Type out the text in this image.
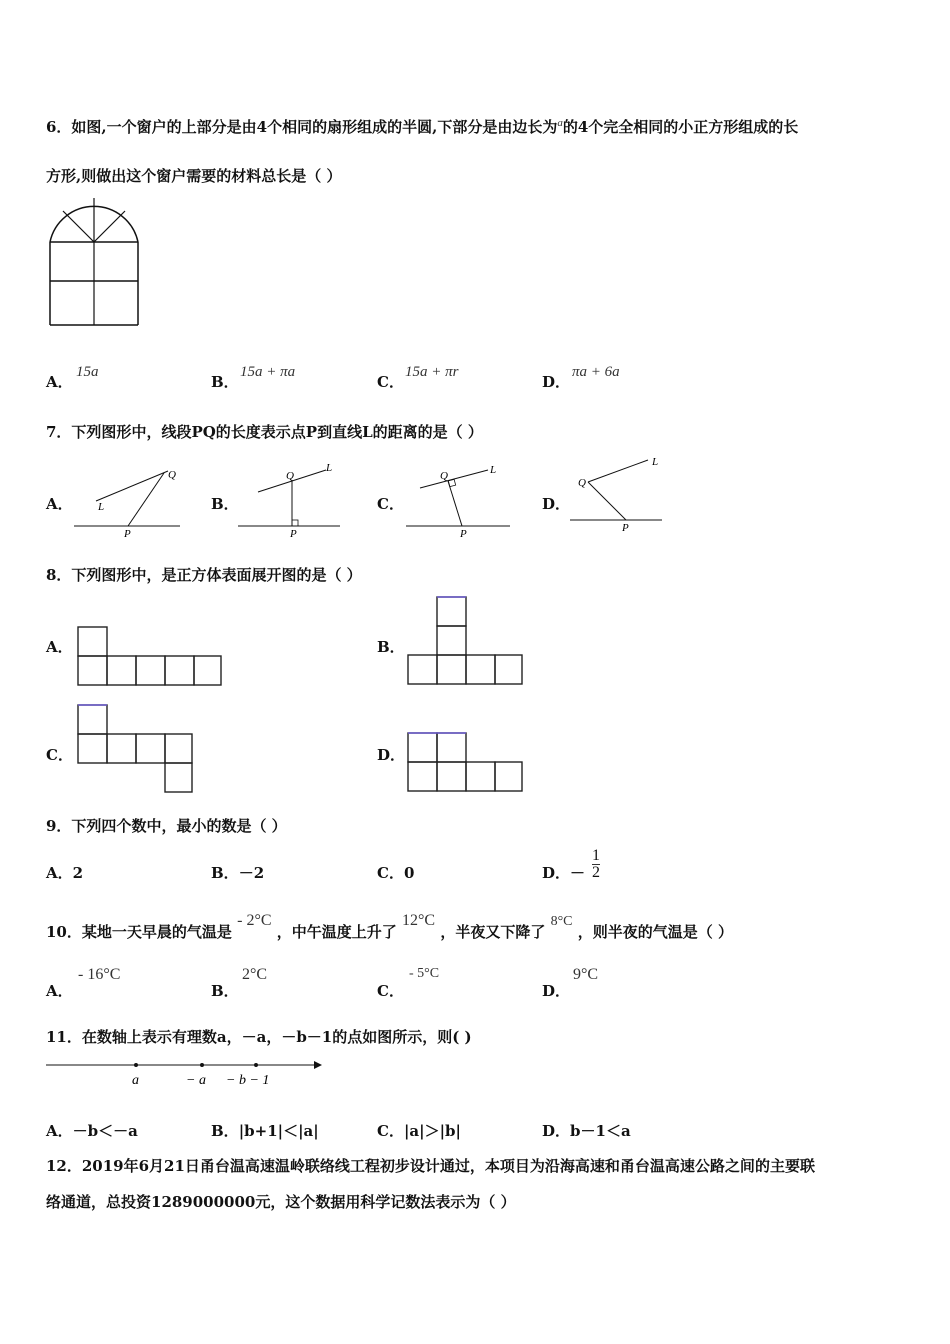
6．如图,一个窗户的上部分是由4个相同的扇形组成的半圆,下部分是由边长为$^a$的4个完全相同的小正方形组成的长
方形,则做出这个窗户需要的材料总长是（ ）
A．
15a
B．
15a + πa
C．
15a + πr
D．
πa + 6a
7．下列图形中，线段PQ的长度表示点P到直线L的距离的是（ ）
A．
Q
L
P
B．
Q
L
P
C．
Q	L
P
D．
Q
L
P
8．下列图形中，是正方体表面展开图的是（ ）
A．	B．
C．	D．
9．下列四个数中，最小的数是（ ）
A．2	B．－2	C．0	D．－ $\frac{1}{2}$
10．某地一天早晨的气温是 - 2°C ，中午温度上升了 12°C ，半夜又下降了 8°C ，则半夜的气温是（ ）
A．
- 16°C
B．
2°C
C．
- 5°C
D．
9°C
11．在数轴上表示有理数a，－a，－b－1的点如图所示，则( )
a	− a − b − 1
A．－b＜－a	B．|b+1|＜|a|	C．|a|＞|b|	D．b－1＜a
12．2019年6月21日甬台温高速温岭联络线工程初步设计通过，本项目为沿海高速和甬台温高速公路之间的主要联
络通道，总投资1289000000元，这个数据用科学记数法表示为（ ）
